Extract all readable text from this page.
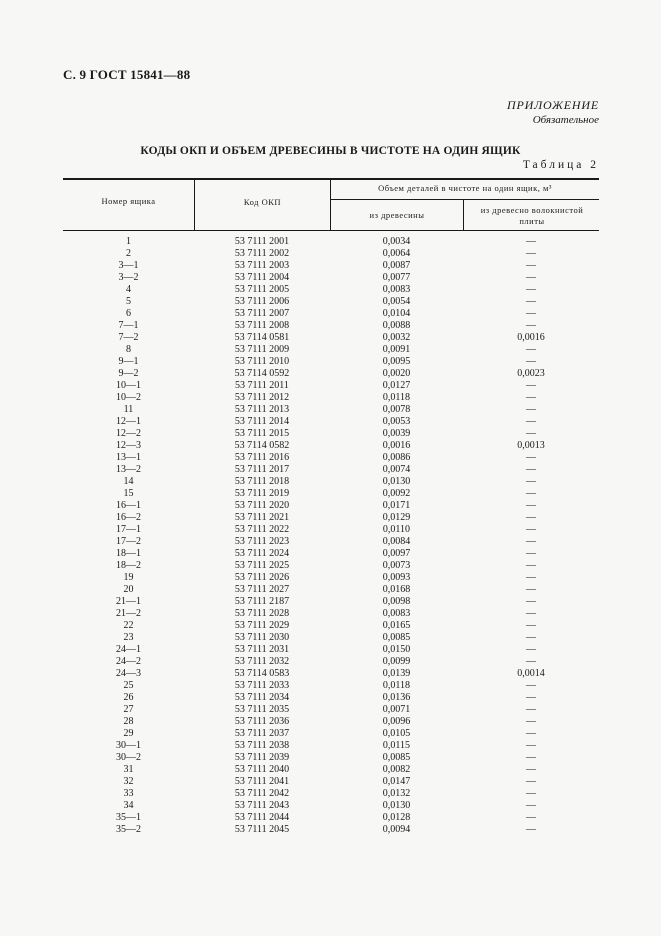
С. 9 ГОСТ 15841—88
ПРИЛОЖЕНИЕ
Обязательное
КОДЫ ОКП И ОБЪЕМ ДРЕВЕСИНЫ В ЧИСТОТЕ НА ОДИН ЯЩИК
Таблица 2
Номер ящика	Код ОКП
Объем деталей в чистоте на один ящик, м³
из древесины	из древесно волокнистой плиты
1	53 7111 2001	0,0034	—
2	53 7111 2002	0,0064	—
3—1	53 7111 2003	0,0087	—
3—2	53 7111 2004	0,0077	—
4	53 7111 2005	0,0083	—
5	53 7111 2006	0,0054	—
6	53 7111 2007	0,0104	—
7—1	53 7111 2008	0,0088	—
7—2	53 7114 0581	0,0032	0,0016
8	53 7111 2009	0,0091	—
9—1	53 7111 2010	0,0095	—
9—2	53 7114 0592	0,0020	0,0023
10—1	53 7111 2011	0,0127	—
10—2	53 7111 2012	0,0118	—
11	53 7111 2013	0,0078	—
12—1	53 7111 2014	0,0053	—
12—2	53 7111 2015	0,0039	—
12—3	53 7114 0582	0,0016	0,0013
13—1	53 7111 2016	0,0086	—
13—2	53 7111 2017	0,0074	—
14	53 7111 2018	0,0130	—
15	53 7111 2019	0,0092	—
16—1	53 7111 2020	0,0171	—
16—2	53 7111 2021	0,0129	—
17—1	53 7111 2022	0,0110	—
17—2	53 7111 2023	0,0084	—
18—1	53 7111 2024	0,0097	—
18—2	53 7111 2025	0,0073	—
19	53 7111 2026	0,0093	—
20	53 7111 2027	0,0168	—
21—1	53 7111 2187	0,0098	—
21—2	53 7111 2028	0,0083	—
22	53 7111 2029	0,0165	—
23	53 7111 2030	0,0085	—
24—1	53 7111 2031	0,0150	—
24—2	53 7111 2032	0,0099	—
24—3	53 7114 0583	0,0139	0,0014
25	53 7111 2033	0,0118	—
26	53 7111 2034	0,0136	—
27	53 7111 2035	0,0071	—
28	53 7111 2036	0,0096	—
29	53 7111 2037	0,0105	—
30—1	53 7111 2038	0,0115	—
30—2	53 7111 2039	0,0085	—
31	53 7111 2040	0,0082	—
32	53 7111 2041	0,0147	—
33	53 7111 2042	0,0132	—
34	53 7111 2043	0,0130	—
35—1	53 7111 2044	0,0128	—
35—2	53 7111 2045	0,0094	—
